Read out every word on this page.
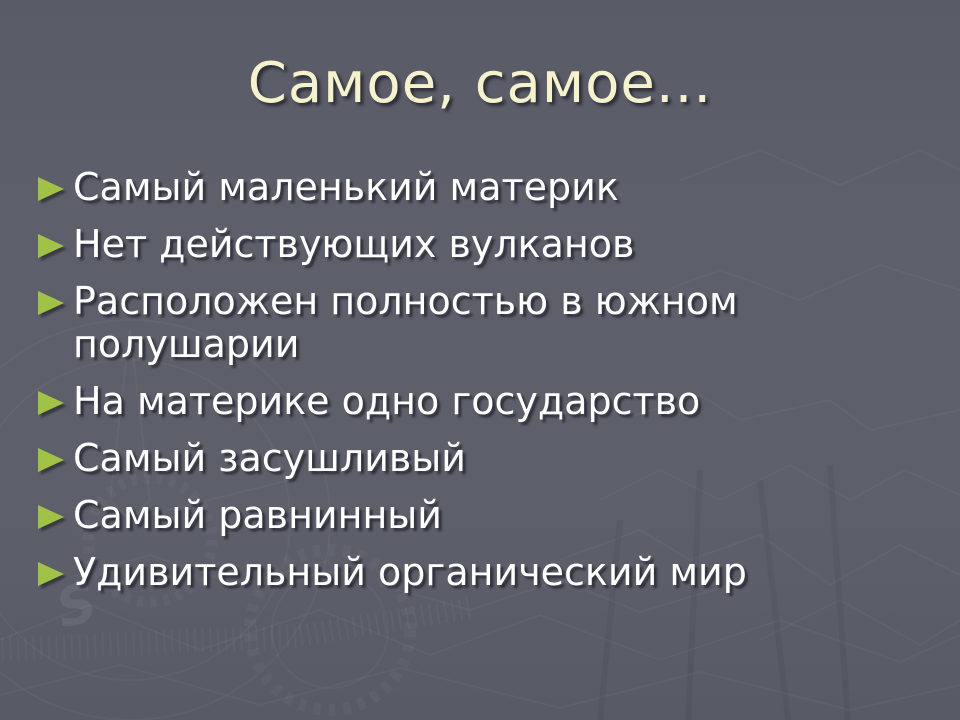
S
Самое, самое...
Самый маленький материк
Нет действующих вулканов
Расположен полностью в южном полушарии
На материке одно государство
Самый засушливый
Самый равнинный
Удивительный органический мир
